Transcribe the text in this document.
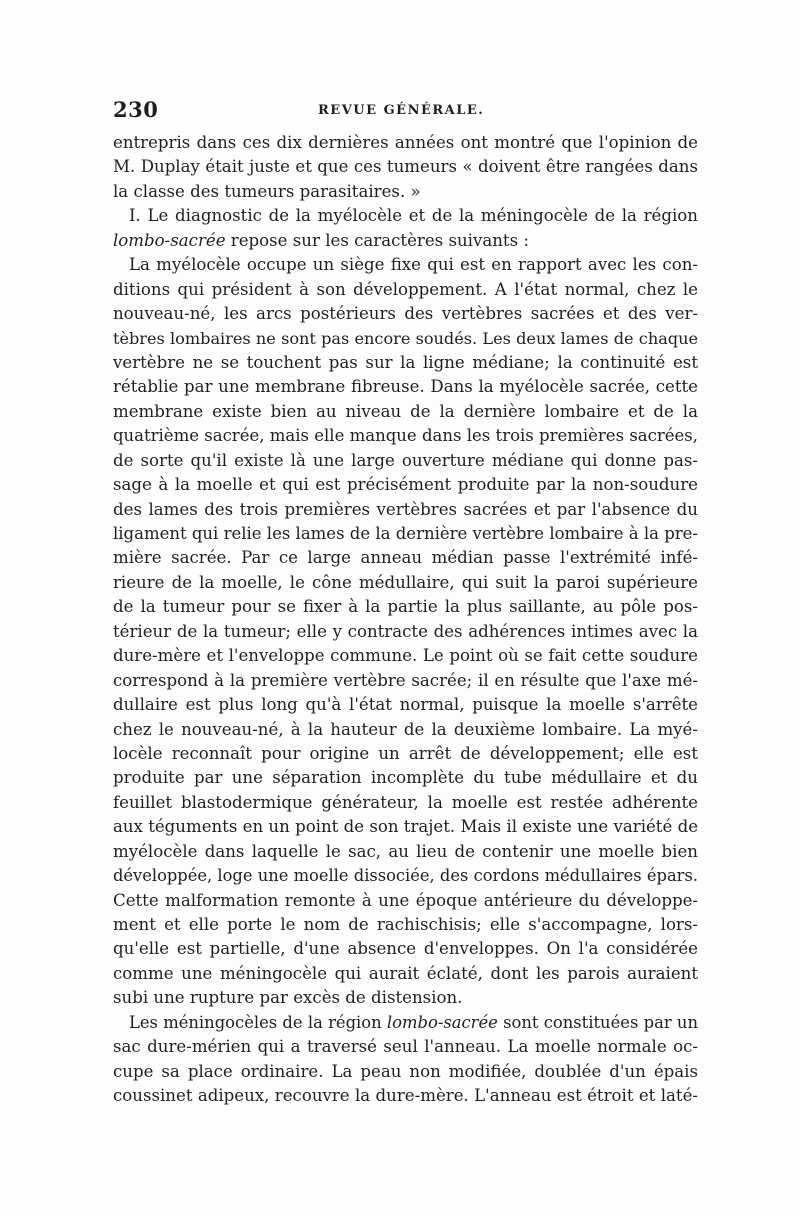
230	REVUE GÉNÉRALE.
entrepris dans ces dix dernières années ont montré que l'opinion de
M. Duplay était juste et que ces tumeurs « doivent être rangées dans
la classe des tumeurs parasitaires. »
I. Le diagnostic de la myélocèle et de la méningocèle de la région
lombo-sacrée repose sur les caractères suivants :
La myélocèle occupe un siège fixe qui est en rapport avec les con-
ditions qui président à son développement. A l'état normal, chez le
nouveau-né, les arcs postérieurs des vertèbres sacrées et des ver-
tèbres lombaires ne sont pas encore soudés. Les deux lames de chaque
vertèbre ne se touchent pas sur la ligne médiane; la continuité est
rétablie par une membrane fibreuse. Dans la myélocèle sacrée, cette
membrane existe bien au niveau de la dernière lombaire et de la
quatrième sacrée, mais elle manque dans les trois premières sacrées,
de sorte qu'il existe là une large ouverture médiane qui donne pas-
sage à la moelle et qui est précisément produite par la non-soudure
des lames des trois premières vertèbres sacrées et par l'absence du
ligament qui relie les lames de la dernière vertèbre lombaire à la pre-
mière sacrée. Par ce large anneau médian passe l'extrémité infé-
rieure de la moelle, le cône médullaire, qui suit la paroi supérieure
de la tumeur pour se fixer à la partie la plus saillante, au pôle pos-
térieur de la tumeur; elle y contracte des adhérences intimes avec la
dure-mère et l'enveloppe commune. Le point où se fait cette soudure
correspond à la première vertèbre sacrée; il en résulte que l'axe mé-
dullaire est plus long qu'à l'état normal, puisque la moelle s'arrête
chez le nouveau-né, à la hauteur de la deuxième lombaire. La myé-
locèle reconnaît pour origine un arrêt de développement; elle est
produite par une séparation incomplète du tube médullaire et du
feuillet blastodermique générateur, la moelle est restée adhérente
aux téguments en un point de son trajet. Mais il existe une variété de
myélocèle dans laquelle le sac, au lieu de contenir une moelle bien
développée, loge une moelle dissociée, des cordons médullaires épars.
Cette malformation remonte à une époque antérieure du développe-
ment et elle porte le nom de rachischisis; elle s'accompagne, lors-
qu'elle est partielle, d'une absence d'enveloppes. On l'a considérée
comme une méningocèle qui aurait éclaté, dont les parois auraient
subi une rupture par excès de distension.
Les méningocèles de la région lombo-sacrée sont constituées par un
sac dure-mérien qui a traversé seul l'anneau. La moelle normale oc-
cupe sa place ordinaire. La peau non modifiée, doublée d'un épais
coussinet adipeux, recouvre la dure-mère. L'anneau est étroit et laté-
